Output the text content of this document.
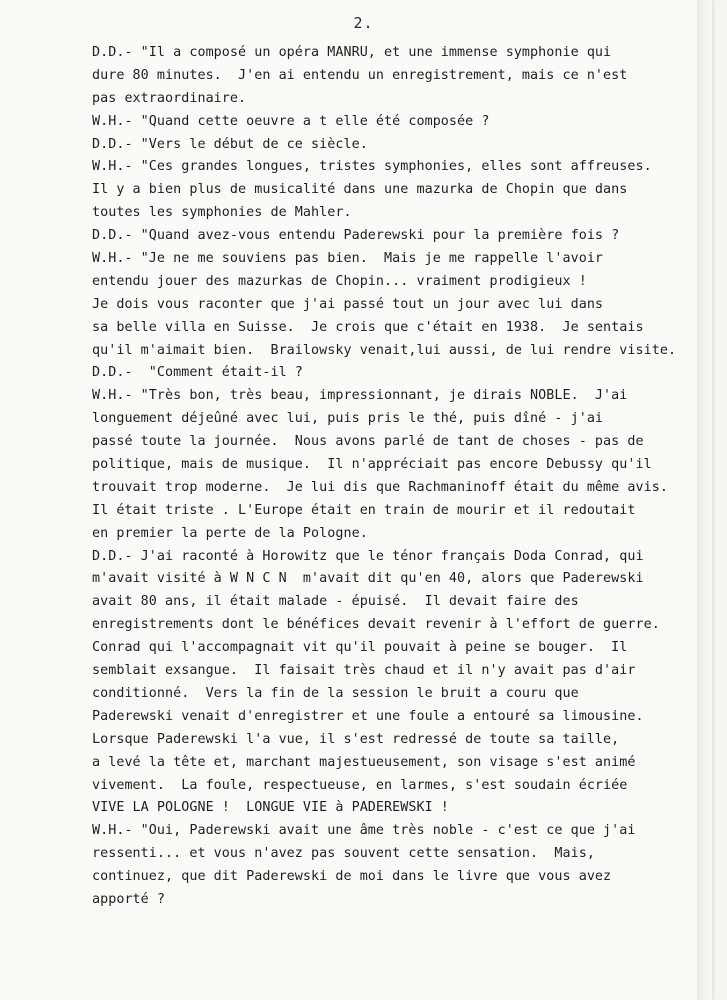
2.
D.D.- "Il a composé un opéra MANRU, et une immense symphonie qui
dure 80 minutes.  J'en ai entendu un enregistrement, mais ce n'est
pas extraordinaire.
W.H.- "Quand cette oeuvre a t elle été composée ?
D.D.- "Vers le début de ce siècle.
W.H.- "Ces grandes longues, tristes symphonies, elles sont affreuses.
Il y a bien plus de musicalité dans une mazurka de Chopin que dans
toutes les symphonies de Mahler.
D.D.- "Quand avez-vous entendu Paderewski pour la première fois ?
W.H.- "Je ne me souviens pas bien.  Mais je me rappelle l'avoir
entendu jouer des mazurkas de Chopin... vraiment prodigieux !
Je dois vous raconter que j'ai passé tout un jour avec lui dans
sa belle villa en Suisse.  Je crois que c'était en 1938.  Je sentais
qu'il m'aimait bien.  Brailowsky venait,lui aussi, de lui rendre visite.
D.D.-  "Comment était-il ?
W.H.- "Très bon, très beau, impressionnant, je dirais NOBLE.  J'ai
longuement déjeûné avec lui, puis pris le thé, puis dîné - j'ai
passé toute la journée.  Nous avons parlé de tant de choses - pas de
politique, mais de musique.  Il n'appréciait pas encore Debussy qu'il
trouvait trop moderne.  Je lui dis que Rachmaninoff était du même avis.
Il était triste . L'Europe était en train de mourir et il redoutait
en premier la perte de la Pologne.
D.D.- J'ai raconté à Horowitz que le ténor français Doda Conrad, qui
m'avait visité à W N C N  m'avait dit qu'en 40, alors que Paderewski
avait 80 ans, il était malade - épuisé.  Il devait faire des
enregistrements dont le bénéfices devait revenir à l'effort de guerre.
Conrad qui l'accompagnait vit qu'il pouvait à peine se bouger.  Il
semblait exsangue.  Il faisait très chaud et il n'y avait pas d'air
conditionné.  Vers la fin de la session le bruit a couru que
Paderewski venait d'enregistrer et une foule a entouré sa limousine.
Lorsque Paderewski l'a vue, il s'est redressé de toute sa taille,
a levé la tête et, marchant majestueusement, son visage s'est animé
vivement.  La foule, respectueuse, en larmes, s'est soudain écriée
VIVE LA POLOGNE !  LONGUE VIE à PADEREWSKI !
W.H.- "Oui, Paderewski avait une âme très noble - c'est ce que j'ai
ressenti... et vous n'avez pas souvent cette sensation.  Mais,
continuez, que dit Paderewski de moi dans le livre que vous avez
apporté ?
